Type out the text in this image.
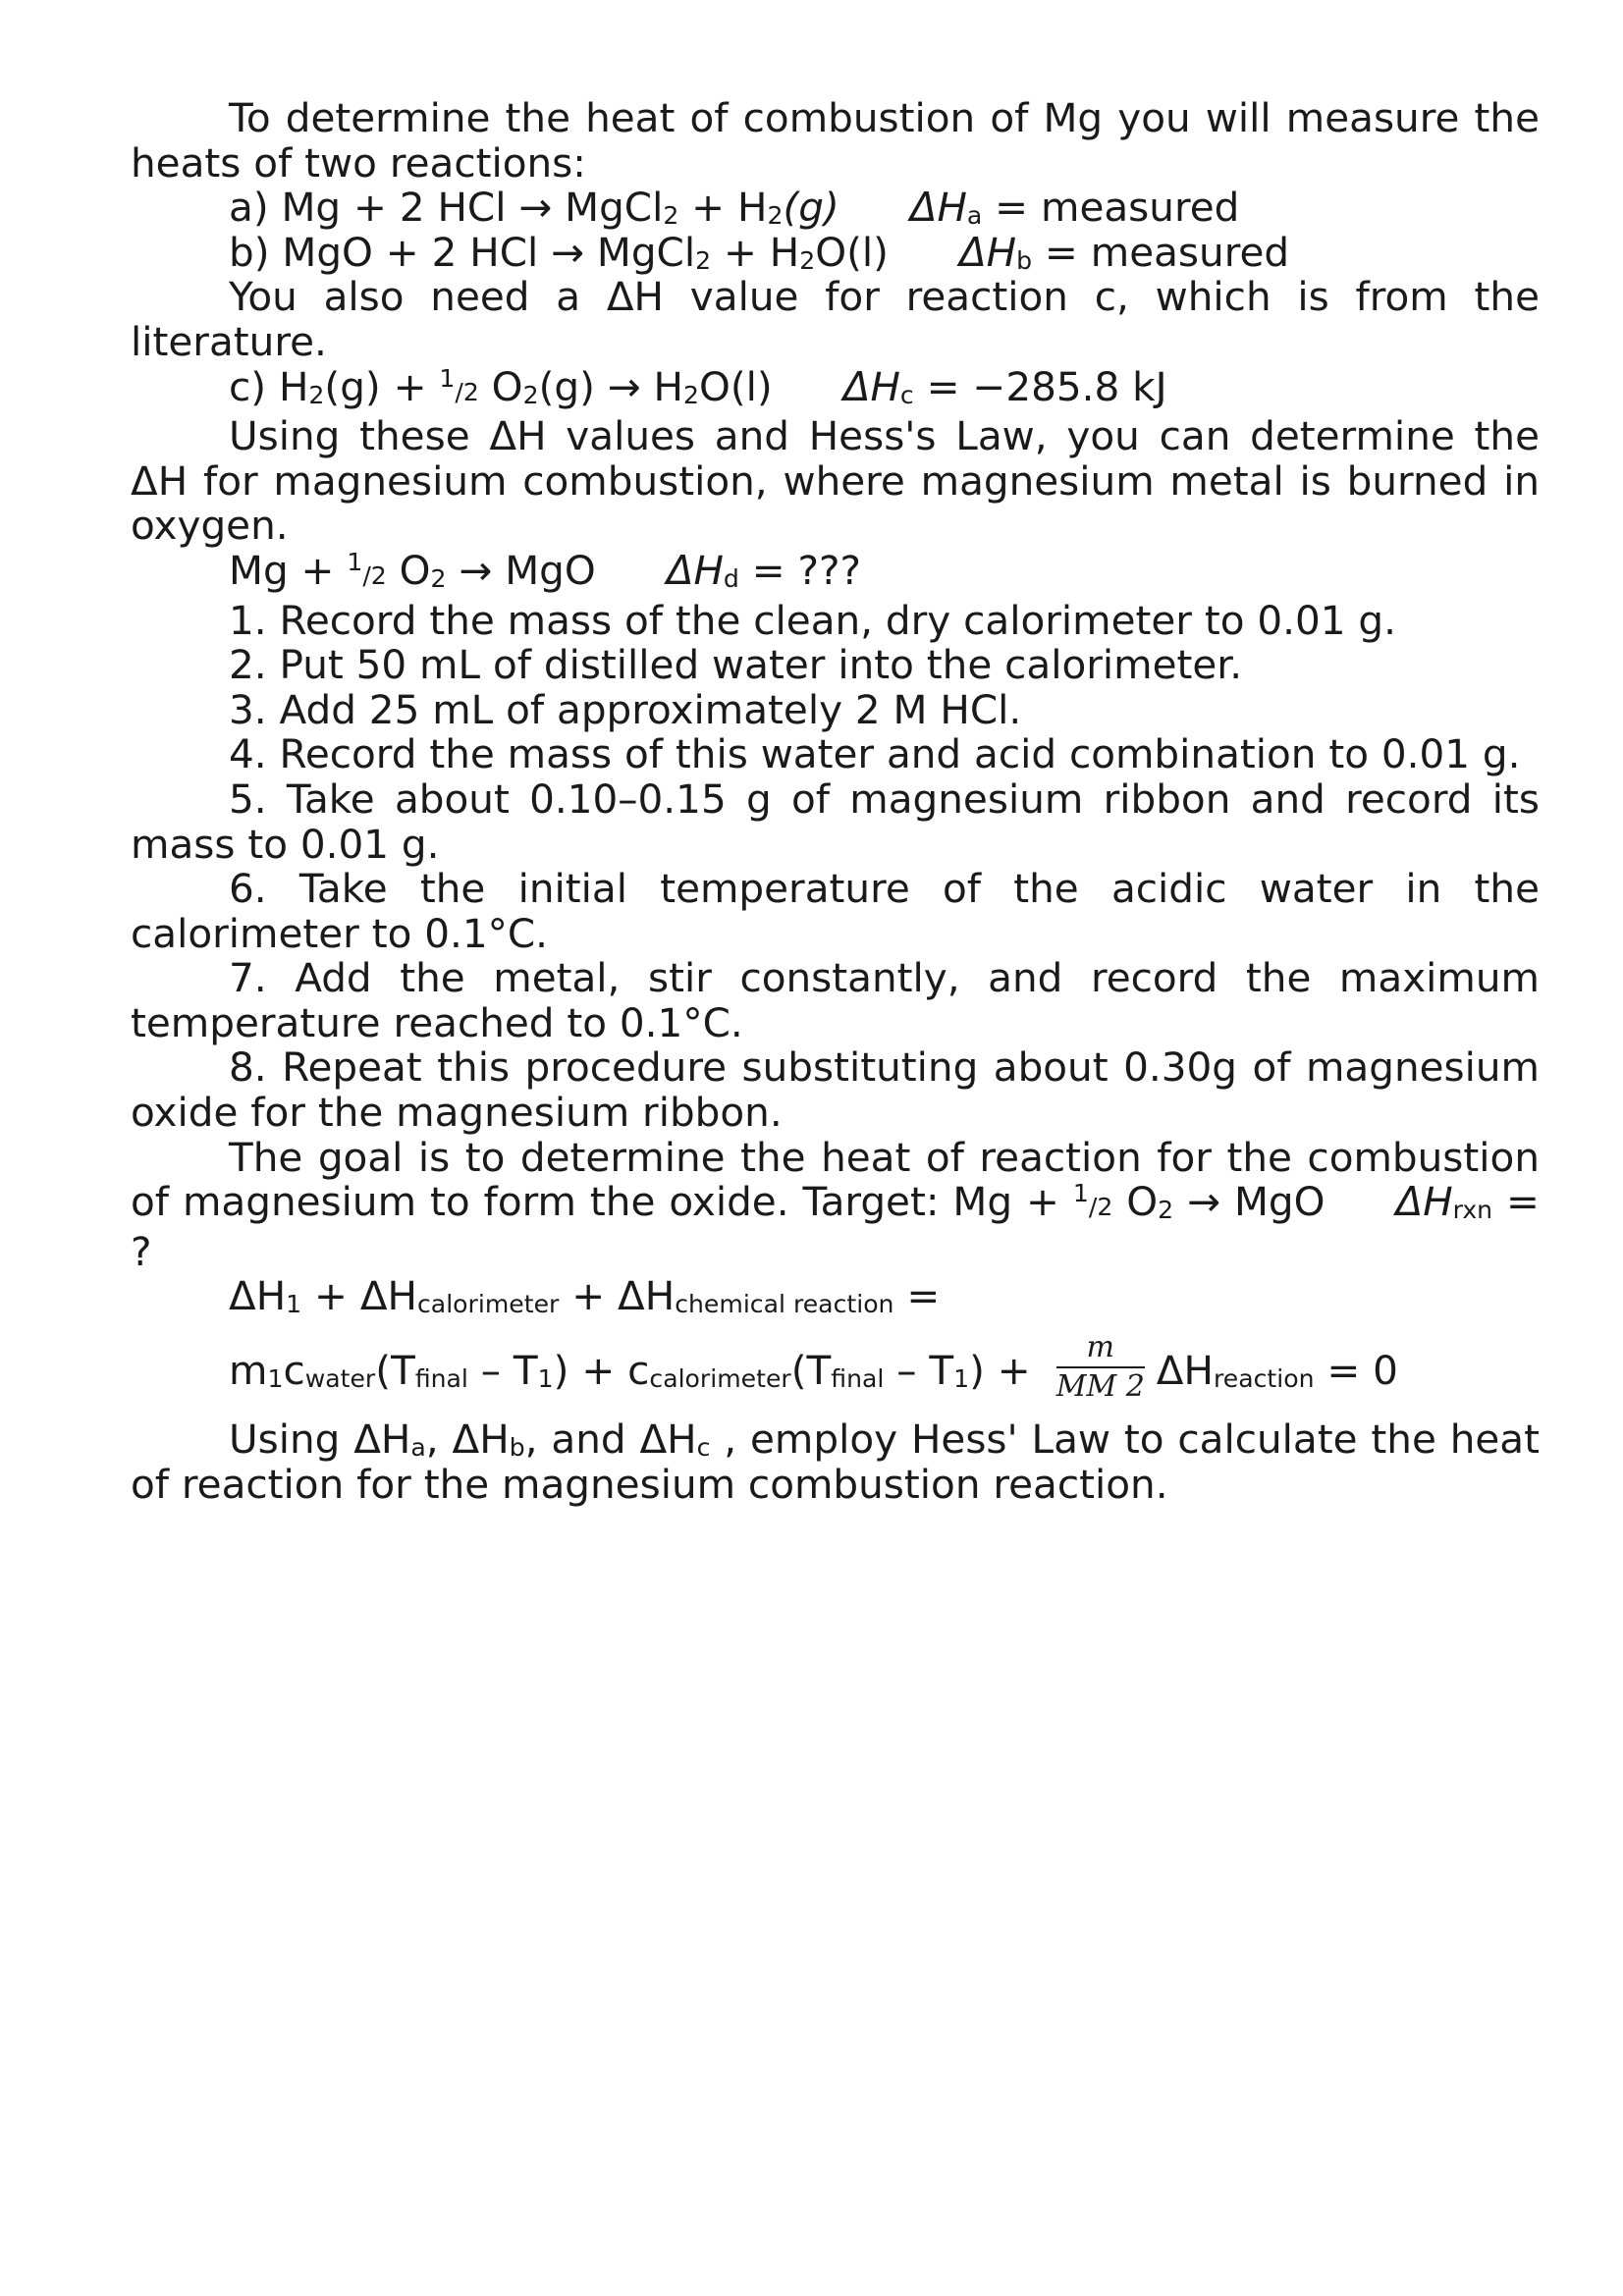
To determine the heat of combustion of Mg you will measure the heats of two reactions:

a) Mg + 2 HCl → MgCl$_2$ + $H_2(g) \Delta H_a$ = measured

b) MgO + 2 HCl → MgCl$_2$ + $H_2O(l) \Delta H_b$ = measured

You also need a ΔH value for reaction c, which is from the literature.

c) $H_2(g) + ^1/2$ $O_2(g) \to H_2O(l) \Delta H_c = -285.8$ kJ

Using these ΔH values and Hess's Law, you can determine the ΔH for magnesium combustion, where magnesium metal is burned in oxygen.

Mg + $^1$/2 $O_2$ → MgO $\Delta H_d$ = ???

1. Record the mass of the clean, dry calorimeter to 0.01 g.

2. Put 50 mL of distilled water into the calorimeter.

3. Add 25 mL of approximately 2 M HCl.

4. Record the mass of this water and acid combination to 0.01 g.

5. Take about 0.10–0.15 g of magnesium ribbon and record its mass to 0.01 g.

6. Take the initial temperature of the acidic water in the calorimeter to 0.1°C.

7. Add the metal, stir constantly, and record the maximum temperature reached to 0.1°C.

8. Repeat this procedure substituting about 0.30g of magnesium oxide for the magnesium ribbon.

The goal is to determine the heat of reaction for the combustion of magnesium to form the oxide. Target: Mg + $^1$/2 $O_2$ → MgO $\Delta H_{rxn}$ = ?

$\Delta H_1 + \Delta H_{calorimeter} + \Delta H_{chemical reaction}$ =

$m_1c_{water}(T_{final} - T_1) + c_{calorimeter}(T_{final} - T_1) + \frac{m}{MM 2} \Delta H_{reaction} = 0$

Using $\Delta H_a$, $\Delta H_b$, and $\Delta H_c$ , employ Hess' Law to calculate the heat of reaction for the magnesium combustion reaction.
